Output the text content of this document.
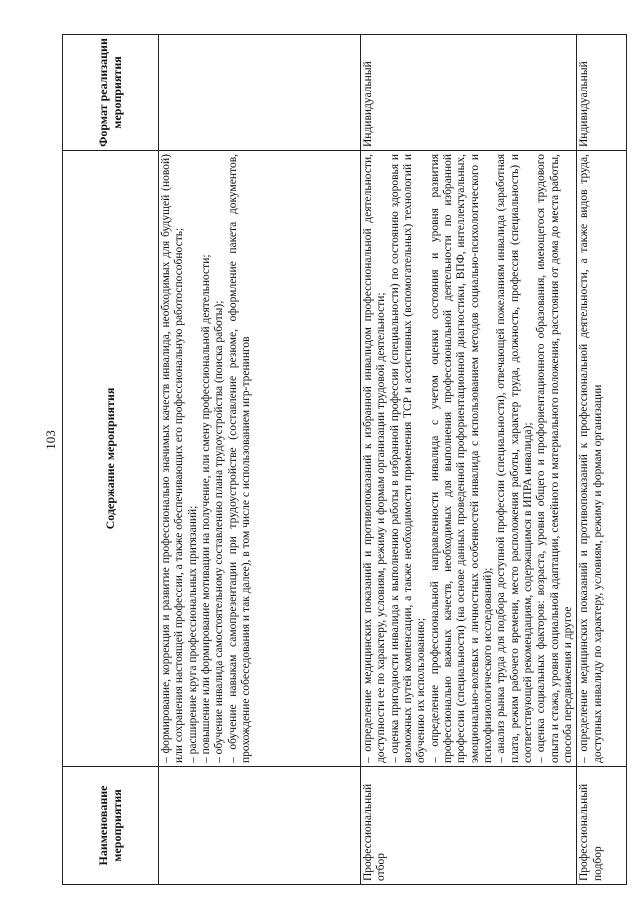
103
Наименование мероприятия	Содержание мероприятия	Формат реализации мероприятия

	– формирование, коррекция и развитие профессионально значимых качеств инвалида, необходимых для будущей (новой) или сохранения настоящей профессии, а также обеспечивающих его профессиональную работоспособность; – расширение круга профессиональных притязаний; – повышение или формирование мотивации на получение, или смену профессиональной деятельности; – обучение инвалида самостоятельному составлению плана трудоустройства (поиска работы); – обучение навыкам самопрезентации при трудоустройстве (составление резюме, оформление пакета документов, прохождение собеседования и так далее), в том числе с использованием игр-тренингов	

Профессиональный отбор	– определение медицинских показаний и противопоказаний к избранной инвалидом профессиональной деятельности, доступности ее по характеру, условиям, режиму и формам организации трудовой деятельности; – оценка пригодности инвалида к выполнению работы в избранной профессии (специальности) по состоянию здоровья и возможных путей компенсации, а также необходимости применения ТСР и ассистивных (вспомогательных) технологий и обучению их использованию; – определение профессиональной направленности инвалида с учетом оценки состояния и уровня развития профессионально важных качеств, необходимых для выполнения профессиональной деятельности по избранной профессии (специальности) (на основе данных проведенной профориентационной диагностики, ВПФ, интеллектуальных, эмоционально-волевых и личностных особенностей инвалида с использованием методов социально-психологического и психофизиологического исследований); – анализ рынка труда для подбора доступной профессии (специальности), отвечающей пожеланиям инвалида (заработная плата, режим рабочего времени, место расположения работы, характер труда, должность, профессия (специальность) и соответствующей рекомендациям, содержащимся в ИПРА инвалида); – оценка социальных факторов: возраста, уровня общего и профориентационного образования, имеющегося трудового опыта и стажа, уровня социальной адаптации, семейного и материального положения, расстояния от дома до места работы, способа передвижения и другое	Индивидуальный
Профессиональный подбор	– определение медицинских показаний и противопоказаний к профессиональной деятельности, а также видов труда, доступных инвалиду по характеру, условиям, режиму и формам организации	Индивидуальный
